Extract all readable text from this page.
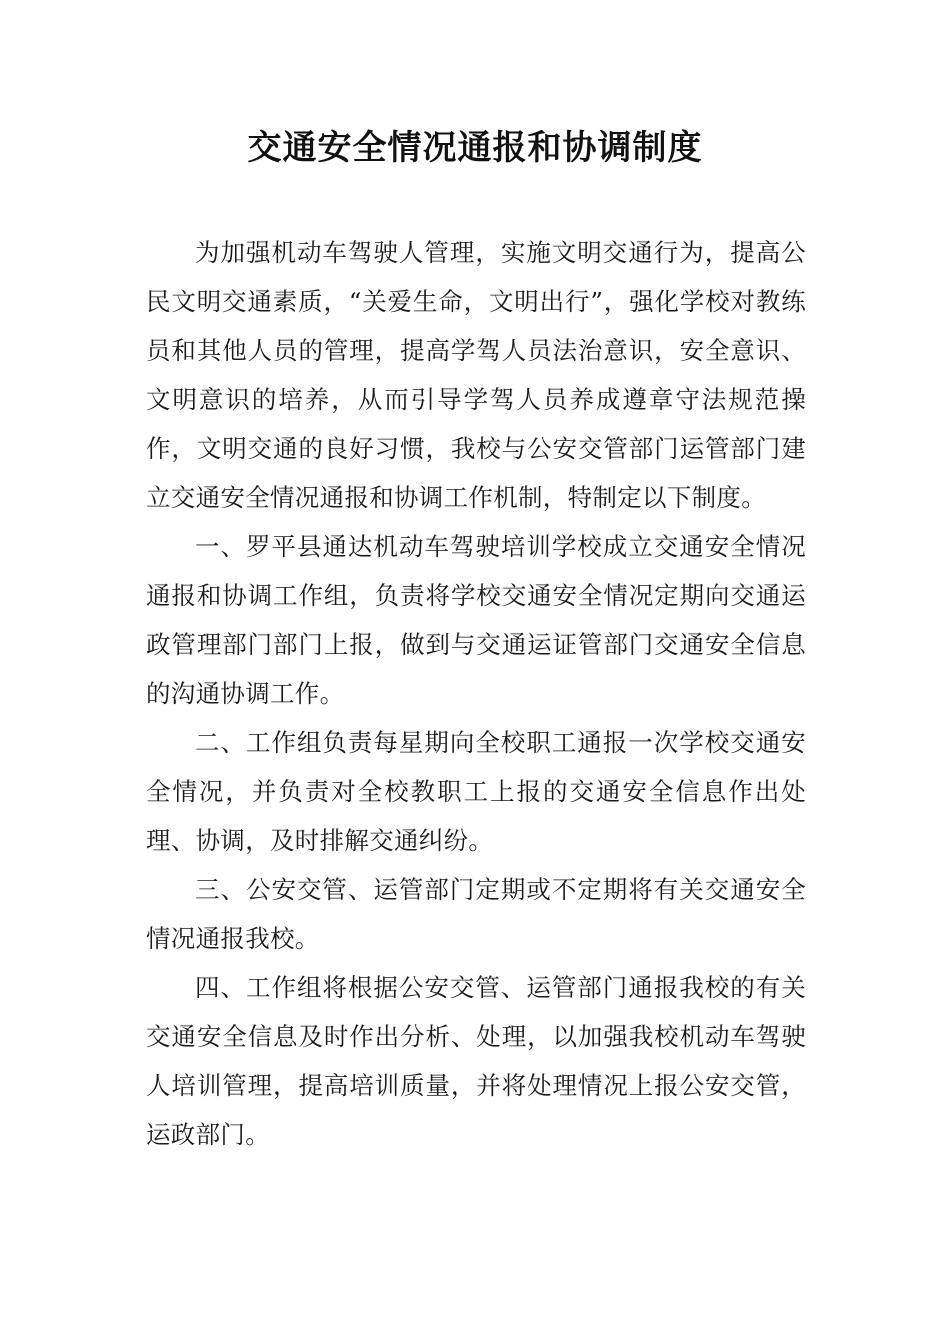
交通安全情况通报和协调制度

为加强机动车驾驶人管理，实施文明交通行为，提高公民文明交通素质，“关爱生命，文明出行”，强化学校对教练员和其他人员的管理，提高学驾人员法治意识，安全意识、文明意识的培养，从而引导学驾人员养成遵章守法规范操作，文明交通的良好习惯，我校与公安交管部门运管部门建立交通安全情况通报和协调工作机制，特制定以下制度。

一、罗平县通达机动车驾驶培训学校成立交通安全情况通报和协调工作组，负责将学校交通安全情况定期向交通运政管理部门部门上报，做到与交通运证管部门交通安全信息的沟通协调工作。

二、工作组负责每星期向全校职工通报一次学校交通安全情况，并负责对全校教职工上报的交通安全信息作出处理、协调，及时排解交通纠纷。

三、公安交管、运管部门定期或不定期将有关交通安全情况通报我校。

四、工作组将根据公安交管、运管部门通报我校的有关交通安全信息及时作出分析、处理，以加强我校机动车驾驶人培训管理，提高培训质量，并将处理情况上报公安交管，运政部门。
